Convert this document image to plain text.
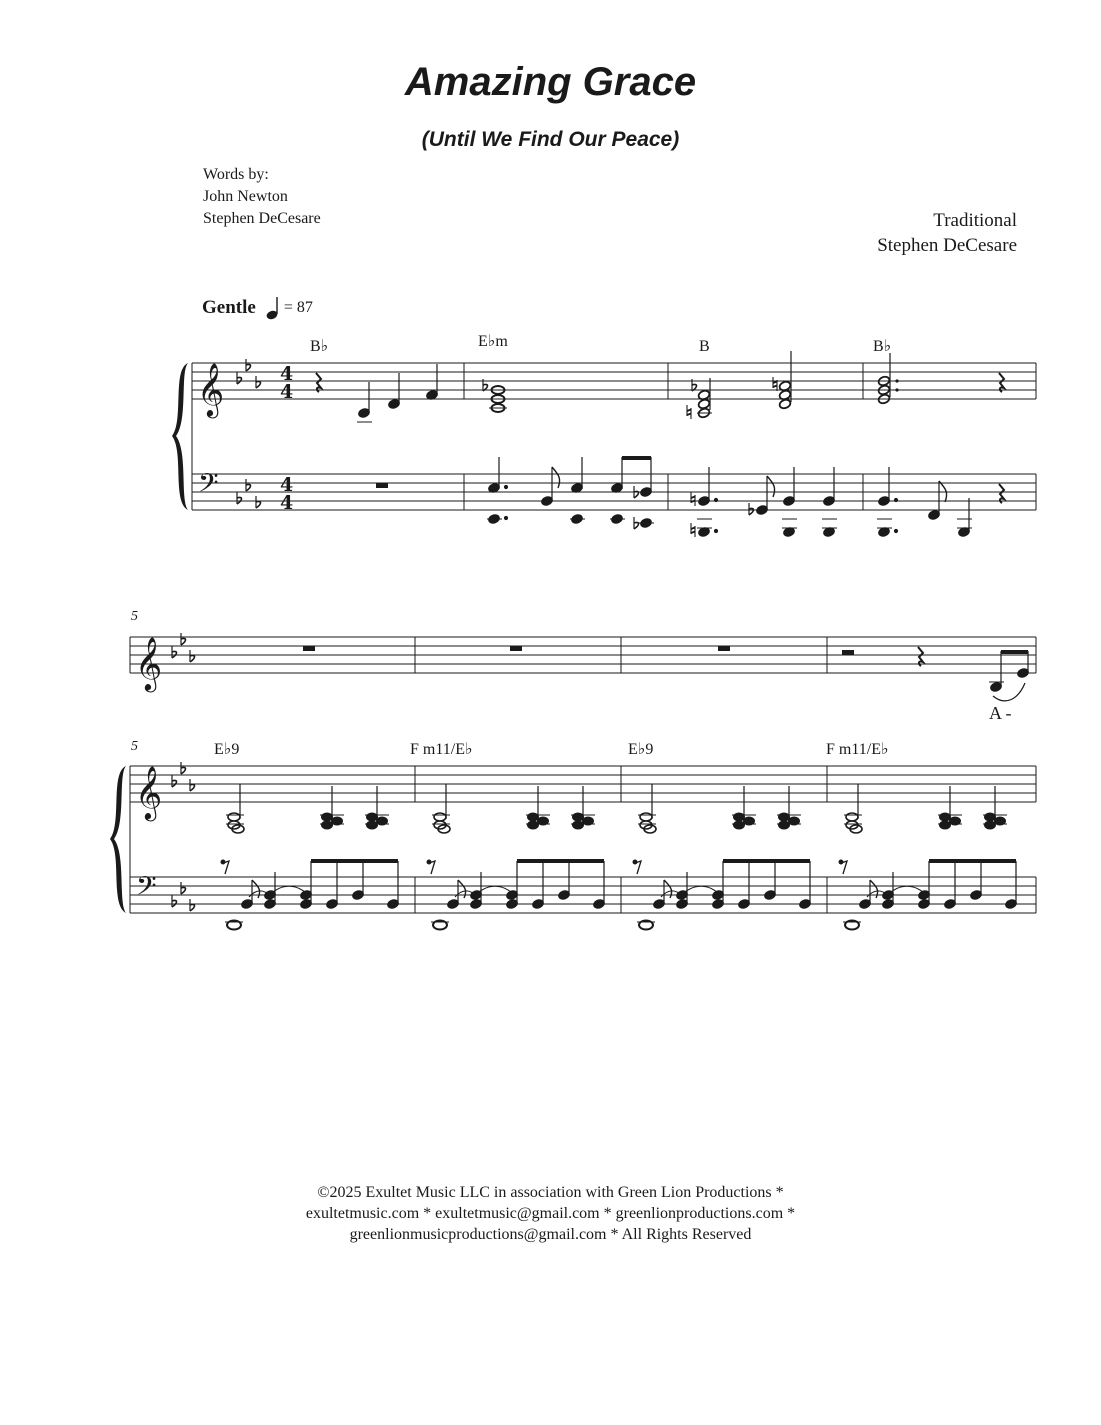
Amazing Grace
(Until We Find Our Peace)
Words by:
John Newton
Stephen DeCesare	Traditional
Stephen DeCesare
Gentle = 87
𝄞
𝄢
4
4
4
4
B♭	E♭m	B	B♭
5
𝄞
A -
5	E♭9	F m11/E♭	E♭9	F m11/E♭
𝄞
𝄢
©2025 Exultet Music LLC in association with Green Lion Productions *
exultetmusic.com * exultetmusic@gmail.com * greenlionproductions.com *
greenlionmusicproductions@gmail.com * All Rights Reserved
